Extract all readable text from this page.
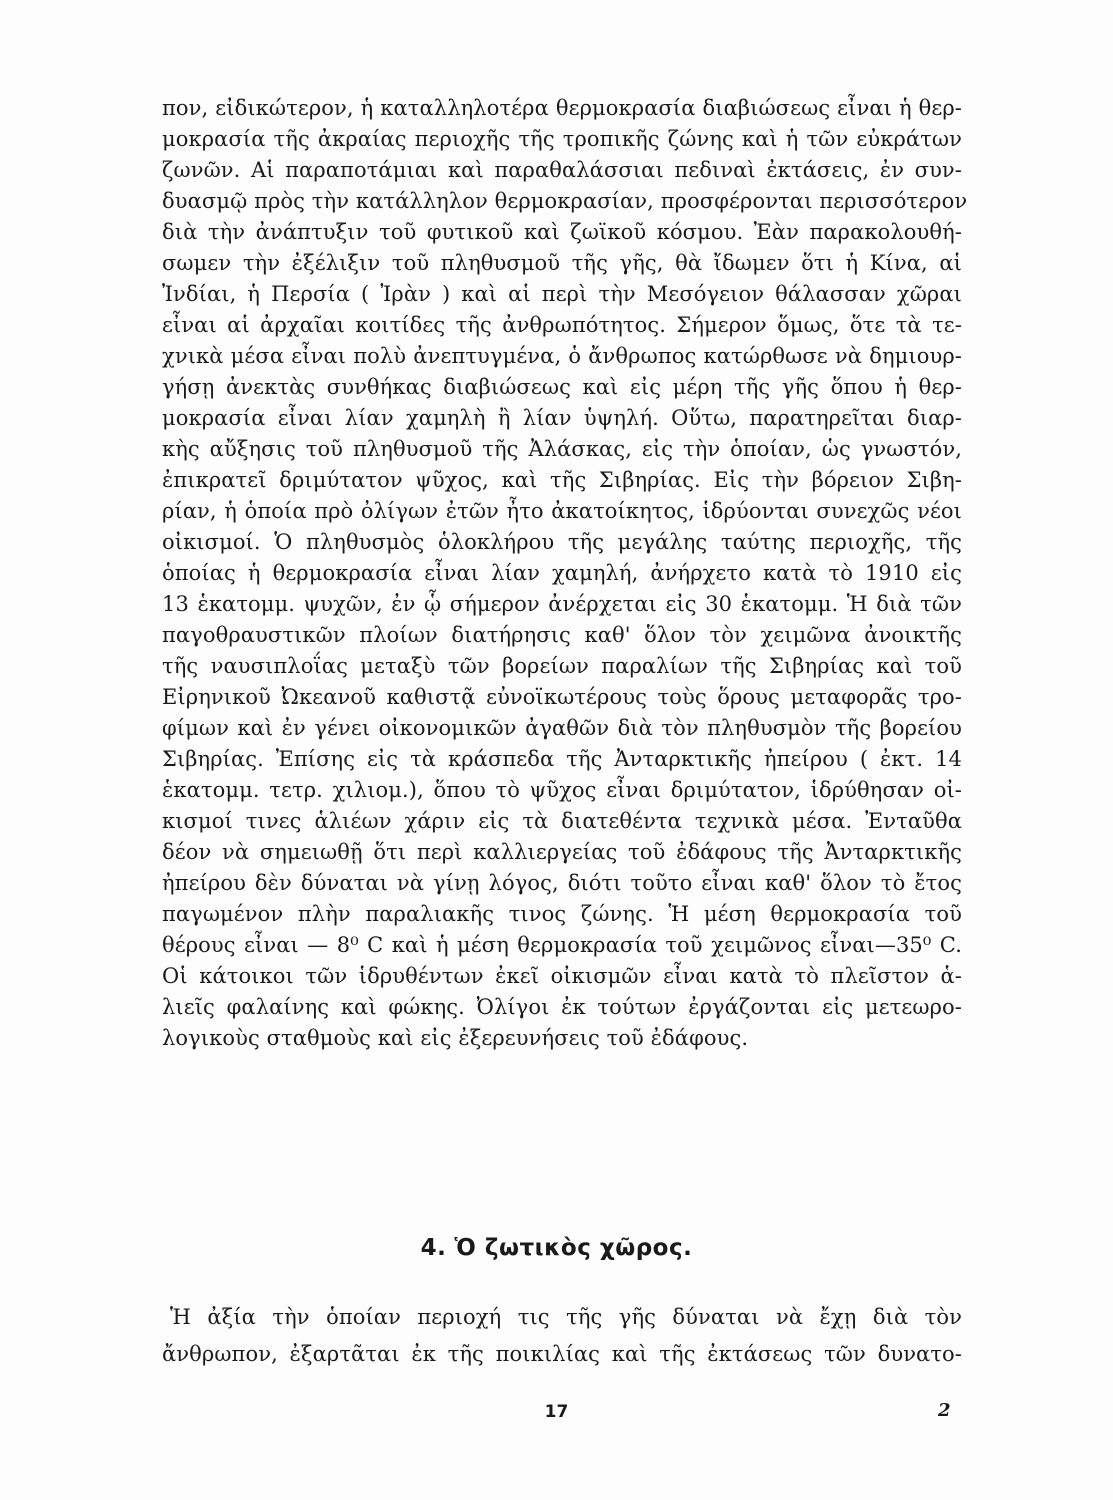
πον, εἰδικώτερον, ἡ καταλληλοτέρα θερμοκρασία διαβιώσεως εἶναι ἡ θερ-
μοκρασία τῆς ἀκραίας περιοχῆς τῆς τροπικῆς ζώνης καὶ ἡ τῶν εὐκράτων
ζωνῶν. Αἱ παραποτάμιαι καὶ παραθαλάσσιαι πεδιναὶ ἐκτάσεις, ἐν συν-
δυασμῷ πρὸς τὴν κατάλληλον θερμοκρασίαν, προσφέρονται περισσότερον
διὰ τὴν ἀνάπτυξιν τοῦ φυτικοῦ καὶ ζωϊκοῦ κόσμου. Ἐὰν παρακολουθή-
σωμεν τὴν ἐξέλιξιν τοῦ πληθυσμοῦ τῆς γῆς, θὰ ἴδωμεν ὅτι ἡ Κίνα, αἱ
Ἰνδίαι, ἡ Περσία ( Ἰρὰν ) καὶ αἱ περὶ τὴν Μεσόγειον θάλασσαν χῶραι
εἶναι αἱ ἀρχαῖαι κοιτίδες τῆς ἀνθρωπότητος. Σήμερον ὅμως, ὅτε τὰ τε-
χνικὰ μέσα εἶναι πολὺ ἀνεπτυγμένα, ὁ ἄνθρωπος κατώρθωσε νὰ δημιουρ-
γήσῃ ἀνεκτὰς συνθήκας διαβιώσεως καὶ εἰς μέρη τῆς γῆς ὅπου ἡ θερ-
μοκρασία εἶναι λίαν χαμηλὴ ἢ λίαν ὑψηλή. Οὕτω, παρατηρεῖται διαρ-
κὴς αὔξησις τοῦ πληθυσμοῦ τῆς Ἀλάσκας, εἰς τὴν ὁποίαν, ὡς γνωστόν,
ἐπικρατεῖ δριμύτατον ψῦχος, καὶ τῆς Σιβηρίας. Εἰς τὴν βόρειον Σιβη-
ρίαν, ἡ ὁποία πρὸ ὀλίγων ἐτῶν ἦτο ἀκατοίκητος, ἱδρύονται συνεχῶς νέοι
οἰκισμοί. Ὁ πληθυσμὸς ὁλοκλήρου τῆς μεγάλης ταύτης περιοχῆς, τῆς
ὁποίας ἡ θερμοκρασία εἶναι λίαν χαμηλή, ἀνήρχετο κατὰ τὸ 1910 εἰς
13 ἑκατομμ. ψυχῶν, ἐν ᾧ σήμερον ἀνέρχεται εἰς 30 ἑκατομμ. Ἡ διὰ τῶν
παγοθραυστικῶν πλοίων διατήρησις καθ' ὅλον τὸν χειμῶνα ἀνοικτῆς
τῆς ναυσιπλοΐας μεταξὺ τῶν βορείων παραλίων τῆς Σιβηρίας καὶ τοῦ
Εἰρηνικοῦ Ὠκεανοῦ καθιστᾷ εὐνοϊκωτέρους τοὺς ὅρους μεταφορᾶς τρο-
φίμων καὶ ἐν γένει οἰκονομικῶν ἀγαθῶν διὰ τὸν πληθυσμὸν τῆς βορείου
Σιβηρίας. Ἐπίσης εἰς τὰ κράσπεδα τῆς Ἀνταρκτικῆς ἠπείρου ( ἐκτ. 14
ἑκατομμ. τετρ. χιλιομ.), ὅπου τὸ ψῦχος εἶναι δριμύτατον, ἱδρύθησαν οἰ-
κισμοί τινες ἁλιέων χάριν εἰς τὰ διατεθέντα τεχνικὰ μέσα. Ἐνταῦθα
δέον νὰ σημειωθῇ ὅτι περὶ καλλιεργείας τοῦ ἐδάφους τῆς Ἀνταρκτικῆς
ἠπείρου δὲν δύναται νὰ γίνῃ λόγος, διότι τοῦτο εἶναι καθ' ὅλον τὸ ἔτος
παγωμένον πλὴν παραλιακῆς τινος ζώνης. Ἡ μέση θερμοκρασία τοῦ
θέρους εἶναι — 8⁰ C καὶ ἡ μέση θερμοκρασία τοῦ χειμῶνος εἶναι—35⁰ C.
Οἱ κάτοικοι τῶν ἱδρυθέντων ἐκεῖ οἰκισμῶν εἶναι κατὰ τὸ πλεῖστον ἁ-
λιεῖς φαλαίνης καὶ φώκης. Ὀλίγοι ἐκ τούτων ἐργάζονται εἰς μετεωρο-
λογικοὺς σταθμοὺς καὶ εἰς ἐξερευνήσεις τοῦ ἐδάφους.
4. Ὁ ζωτικὸς χῶρος.
Ἡ ἀξία τὴν ὁποίαν περιοχή τις τῆς γῆς δύναται νὰ ἔχῃ διὰ τὸν
ἄνθρωπον, ἐξαρτᾶται ἐκ τῆς ποικιλίας καὶ τῆς ἐκτάσεως τῶν δυνατο-
17	2
